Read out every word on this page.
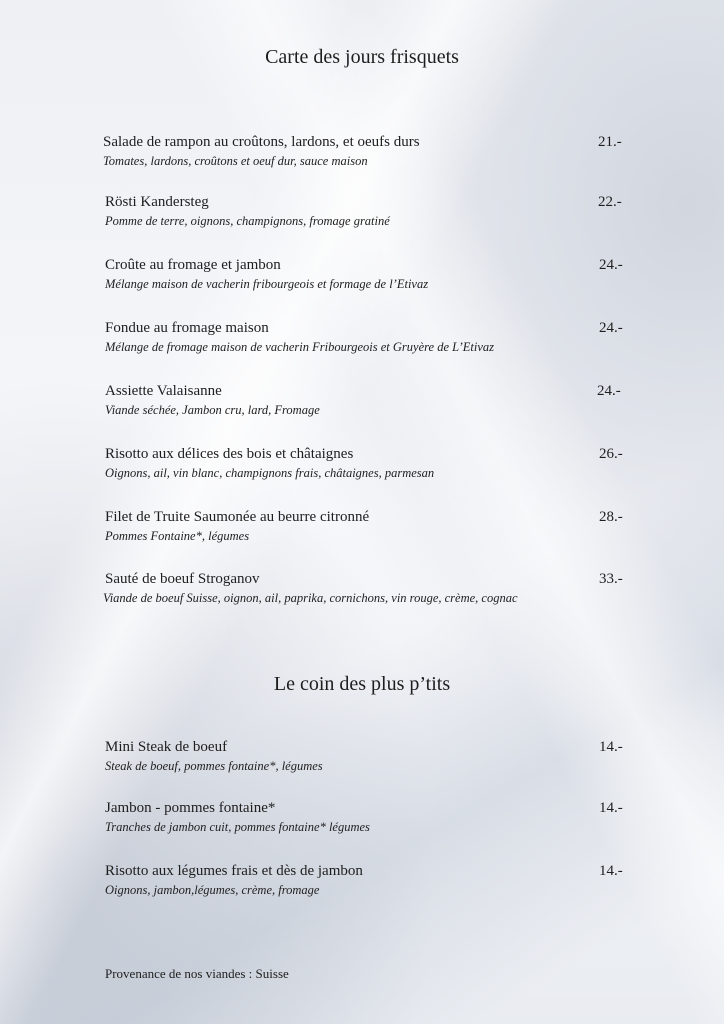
Carte des jours frisquets
Salade de rampon au croûtons, lardons, et oeufs durs
Tomates, lardons, croûtons et oeuf dur, sauce maison
21.-
Rösti Kandersteg
Pomme de terre, oignons, champignons, fromage gratiné
22.-
Croûte au fromage et jambon
Mélange maison de vacherin fribourgeois et formage de l’Etivaz
24.-
Fondue au fromage maison
Mélange de fromage maison de vacherin Fribourgeois et Gruyère de L’Etivaz
24.-
Assiette Valaisanne
Viande séchée, Jambon cru, lard, Fromage
24.-
Risotto aux délices des bois et châtaignes
Oignons, ail, vin blanc, champignons frais, châtaignes, parmesan
26.-
Filet de Truite Saumonée au beurre citronné
Pommes Fontaine*, légumes
28.-
Sauté de boeuf Stroganov
Viande de boeuf Suisse, oignon, ail, paprika, cornichons, vin rouge, crème, cognac
33.-
Le coin des plus p’tits
Mini Steak de boeuf
Steak de boeuf, pommes fontaine*, légumes
14.-
Jambon - pommes fontaine*
Tranches de jambon cuit, pommes fontaine* légumes
14.-
Risotto aux légumes frais et dès de jambon
Oignons, jambon,légumes, crème, fromage
14.-
Provenance de nos viandes : Suisse
